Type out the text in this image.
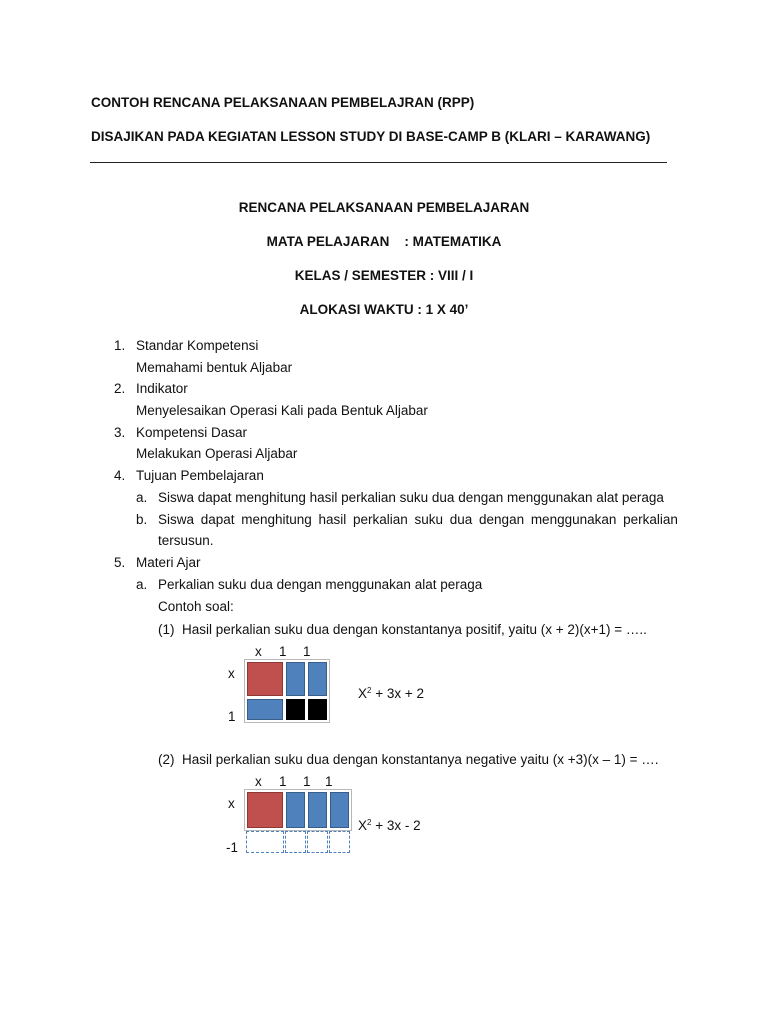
CONTOH RENCANA PELAKSANAAN PEMBELAJRAN (RPP)
DISAJIKAN PADA KEGIATAN LESSON STUDY DI BASE-CAMP B (KLARI – KARAWANG)
RENCANA PELAKSANAAN PEMBELAJARAN
MATA PELAJARAN    : MATEMATIKA
KELAS / SEMESTER : VIII / I
ALOKASI WAKTU : 1 X 40’
1. Standar Kompetensi
Memahami bentuk Aljabar
2. Indikator
Menyelesaikan Operasi Kali pada Bentuk Aljabar
3. Kompetensi Dasar
Melakukan Operasi Aljabar
4. Tujuan Pembelajaran
a. Siswa dapat menghitung hasil perkalian suku dua dengan menggunakan alat peraga
b. Siswa dapat menghitung hasil perkalian suku dua dengan menggunakan perkalian
tersusun.
5. Materi Ajar
a. Perkalian suku dua dengan menggunakan alat peraga
Contoh soal:
(1)  Hasil perkalian suku dua dengan konstantanya positif, yaitu (x + 2)(x+1) = …..
x 1 1
x
1
$X^2 + 3x + 2$
(2)  Hasil perkalian suku dua dengan konstantanya negative yaitu (x +3)(x – 1) = ….
x 1 1 1
x
-1
$X^2 + 3x - 2$
